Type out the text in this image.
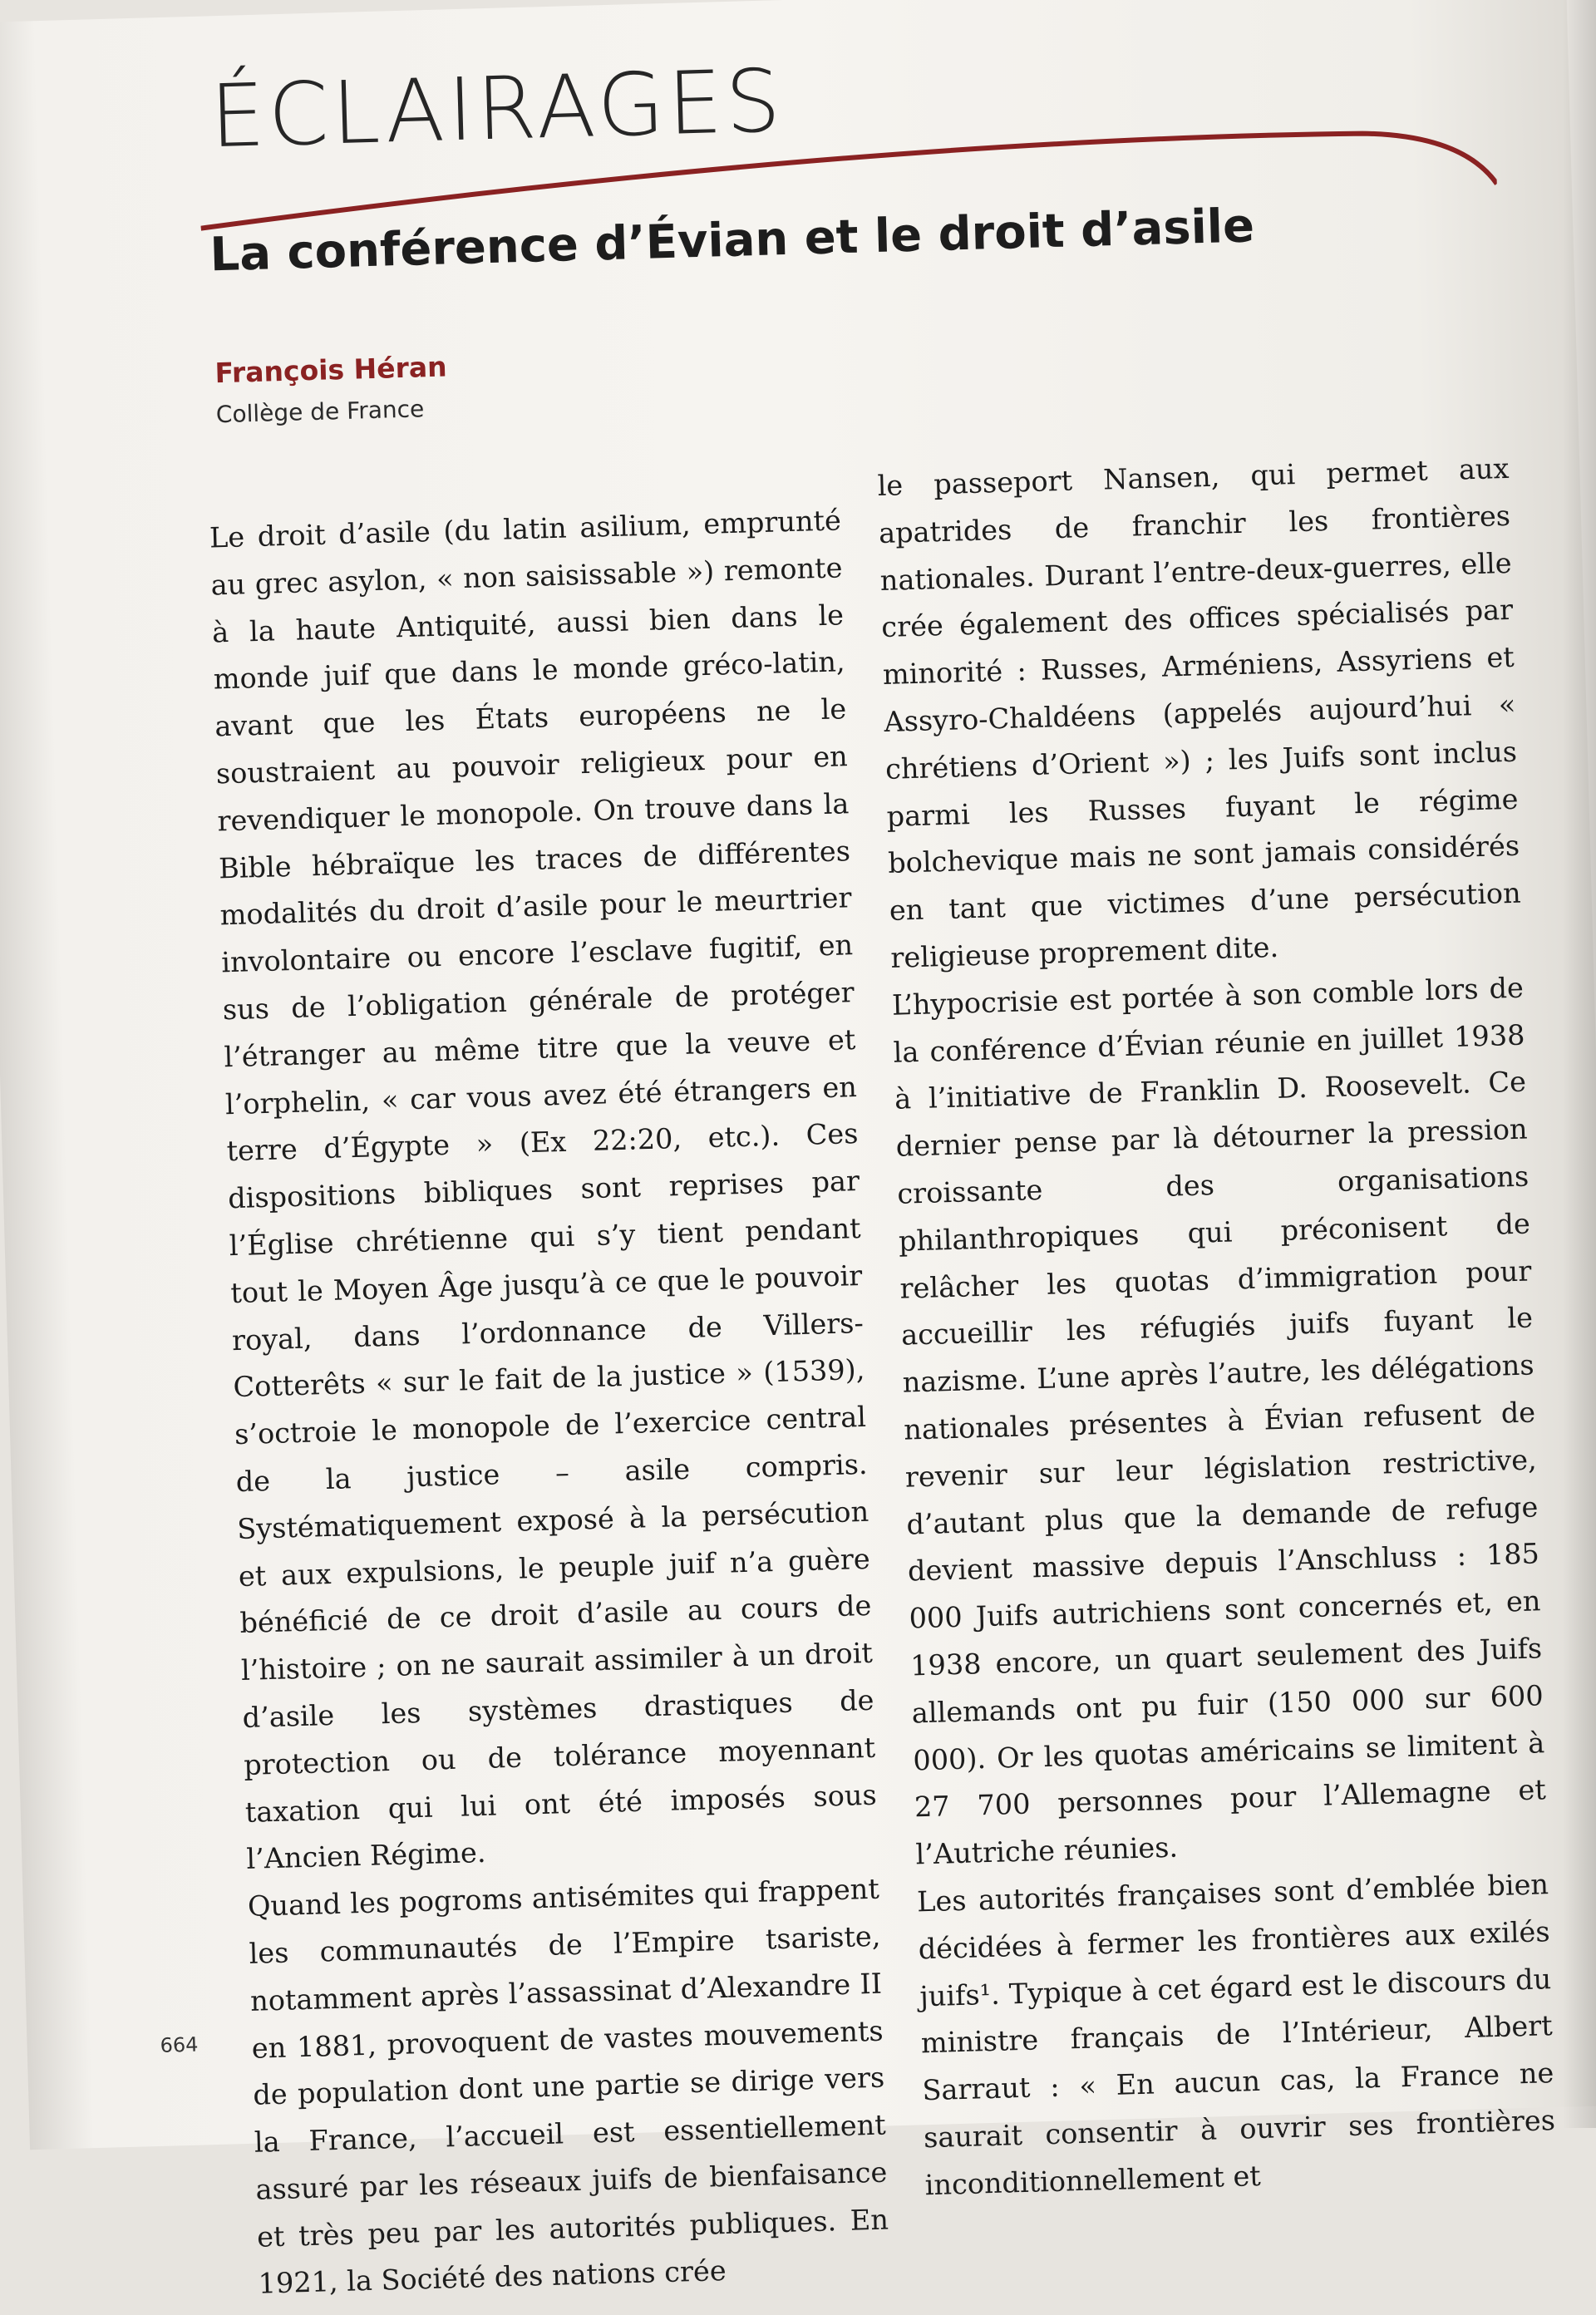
ÉCLAIRAGES
La conférence d’Évian et le droit d’asile
François Héran
Collège de France

Le droit d’asile (du latin asilium, emprunté au grec asylon, « non saisissable ») remonte à la haute Antiquité, aussi bien dans le monde juif que dans le monde gréco-latin, avant que les États européens ne le soustraient au pouvoir religieux pour en revendiquer le monopole. On trouve dans la Bible hébraïque les traces de différentes modalités du droit d’asile pour le meurtrier involontaire ou encore l’esclave fugitif, en sus de l’obligation générale de protéger l’étranger au même titre que la veuve et l’orphelin, « car vous avez été étrangers en terre d’Égypte » (Ex 22:20, etc.). Ces dispositions bibliques sont reprises par l’Église chrétienne qui s’y tient pendant tout le Moyen Âge jusqu’à ce que le pouvoir royal, dans l’ordonnance de Villers-Cotterêts « sur le fait de la justice » (1539), s’octroie le monopole de l’exercice central de la justice – asile compris. Systématiquement exposé à la persécution et aux expulsions, le peuple juif n’a guère bénéficié de ce droit d’asile au cours de l’histoire ; on ne saurait assimiler à un droit d’asile les systèmes drastiques de protection ou de tolérance moyennant taxation qui lui ont été imposés sous l’Ancien Régime.

Quand les pogroms antisémites qui frappent les communautés de l’Empire tsariste, notamment après l’assassinat d’Alexandre II en 1881, provoquent de vastes mouvements de population dont une partie se dirige vers la France, l’accueil est essentiellement assuré par les réseaux juifs de bienfaisance et très peu par les autorités publiques. En 1921, la Société des nations crée

le passeport Nansen, qui permet aux apatrides de franchir les frontières nationales. Durant l’entre-deux-guerres, elle crée également des offices spécialisés par minorité : Russes, Arméniens, Assyriens et Assyro-Chaldéens (appelés aujourd’hui « chrétiens d’Orient ») ; les Juifs sont inclus parmi les Russes fuyant le régime bolchevique mais ne sont jamais considérés en tant que victimes d’une persécution religieuse proprement dite.

L’hypocrisie est portée à son comble lors de la conférence d’Évian réunie en juillet 1938 à l’initiative de Franklin D. Roosevelt. Ce dernier pense par là détourner la pression croissante des organisations philanthropiques qui préconisent de relâcher les quotas d’immigration pour accueillir les réfugiés juifs fuyant le nazisme. L’une après l’autre, les délégations nationales présentes à Évian refusent de revenir sur leur législation restrictive, d’autant plus que la demande de refuge devient massive depuis l’Anschluss : 185 000 Juifs autrichiens sont concernés et, en 1938 encore, un quart seulement des Juifs allemands ont pu fuir (150 000 sur 600 000). Or les quotas américains se limitent à 27 700 personnes pour l’Allemagne et l’Autriche réunies.

Les autorités françaises sont d’emblée bien décidées à fermer les frontières aux exilés juifs¹. Typique à cet égard est le discours du ministre français de l’Intérieur, Albert Sarraut : « En aucun cas, la France ne saurait consentir à ouvrir ses frontières inconditionnellement et

664
